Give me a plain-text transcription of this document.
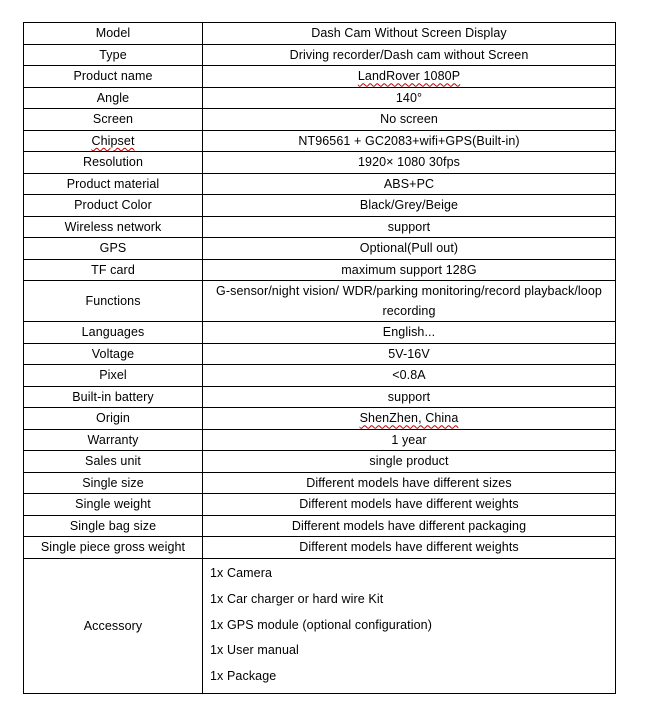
Model	Dash Cam Without Screen Display
Type	Driving recorder/Dash cam without Screen
Product name	LandRover 1080P
Angle	140°
Screen	No screen
Chipset	NT96561 + GC2083+wifi+GPS(Built-in)
Resolution	1920× 1080 30fps
Product material	ABS+PC
Product Color	Black/Grey/Beige
Wireless network	support
GPS	Optional(Pull out)
TF card	maximum support 128G
Functions	G-sensor/night vision/ WDR/parking monitoring/record playback/loop recording
Languages	English...
Voltage	5V-16V
Pixel	<0.8A
Built-in battery	support
Origin	ShenZhen, China
Warranty	1 year
Sales unit	single product
Single size	Different models have different sizes
Single weight	Different models have different weights
Single bag size	Different models have different packaging
Single piece gross weight	Different models have different weights
Accessory	1x Camera
1x Car charger or hard wire Kit
1x GPS module (optional configuration)
1x User manual
1x Package
